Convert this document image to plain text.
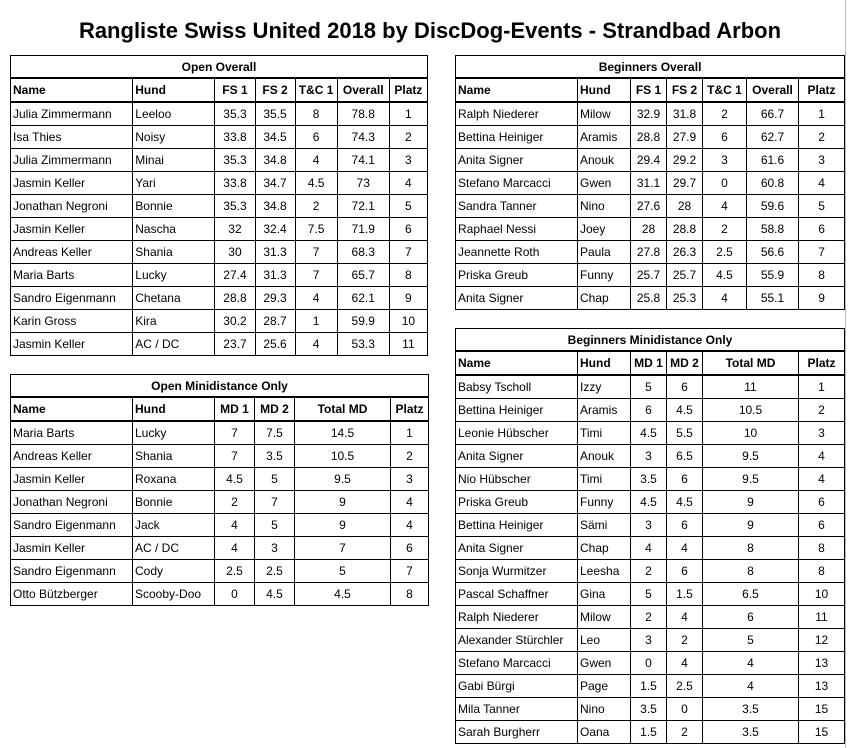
Rangliste Swiss United 2018 by DiscDog-Events - Strandbad Arbon
Open Overall						
Name	Hund	FS 1	FS 2	T&C 1	Overall	Platz
Julia Zimmermann	Leeloo	35.3	35.5	8	78.8	1
Isa Thies	Noisy	33.8	34.5	6	74.3	2
Julia Zimmermann	Minai	35.3	34.8	4	74.1	3
Jasmin Keller	Yari	33.8	34.7	4.5	73	4
Jonathan Negroni	Bonnie	35.3	34.8	2	72.1	5
Jasmin Keller	Nascha	32	32.4	7.5	71.9	6
Andreas Keller	Shania	30	31.3	7	68.3	7
Maria Barts	Lucky	27.4	31.3	7	65.7	8
Sandro Eigenmann	Chetana	28.8	29.3	4	62.1	9
Karin Gross	Kira	30.2	28.7	1	59.9	10
Jasmin Keller	AC / DC	23.7	25.6	4	53.3	11
Open Minidistance Only					
Name	Hund	MD 1	MD 2	Total MD	Platz
Maria Barts	Lucky	7	7.5	14.5	1
Andreas Keller	Shania	7	3.5	10.5	2
Jasmin Keller	Roxana	4.5	5	9.5	3
Jonathan Negroni	Bonnie	2	7	9	4
Sandro Eigenmann	Jack	4	5	9	4
Jasmin Keller	AC / DC	4	3	7	6
Sandro Eigenmann	Cody	2.5	2.5	5	7
Otto Bützberger	Scooby-Doo	0	4.5	4.5	8
Beginners Overall						
Name	Hund	FS 1	FS 2	T&C 1	Overall	Platz
Ralph Niederer	Milow	32.9	31.8	2	66.7	1
Bettina Heiniger	Aramis	28.8	27.9	6	62.7	2
Anita Signer	Anouk	29.4	29.2	3	61.6	3
Stefano Marcacci	Gwen	31.1	29.7	0	60.8	4
Sandra Tanner	Nino	27.6	28	4	59.6	5
Raphael Nessi	Joey	28	28.8	2	58.8	6
Jeannette Roth	Paula	27.8	26.3	2.5	56.6	7
Priska Greub	Funny	25.7	25.7	4.5	55.9	8
Anita Signer	Chap	25.8	25.3	4	55.1	9
Beginners Minidistance Only					
Name	Hund	MD 1	MD 2	Total MD	Platz
Babsy Tscholl	Izzy	5	6	11	1
Bettina Heiniger	Aramis	6	4.5	10.5	2
Leonie Hübscher	Timi	4.5	5.5	10	3
Anita Signer	Anouk	3	6.5	9.5	4
Nio Hübscher	Timi	3.5	6	9.5	4
Priska Greub	Funny	4.5	4.5	9	6
Bettina Heiniger	Sämi	3	6	9	6
Anita Signer	Chap	4	4	8	8
Sonja Wurmitzer	Leesha	2	6	8	8
Pascal Schaffner	Gina	5	1.5	6.5	10
Ralph Niederer	Milow	2	4	6	11
Alexander Stürchler	Leo	3	2	5	12
Stefano Marcacci	Gwen	0	4	4	13
Gabi Bürgi	Page	1.5	2.5	4	13
Mila Tanner	Nino	3.5	0	3.5	15
Sarah Burgherr	Oana	1.5	2	3.5	15
